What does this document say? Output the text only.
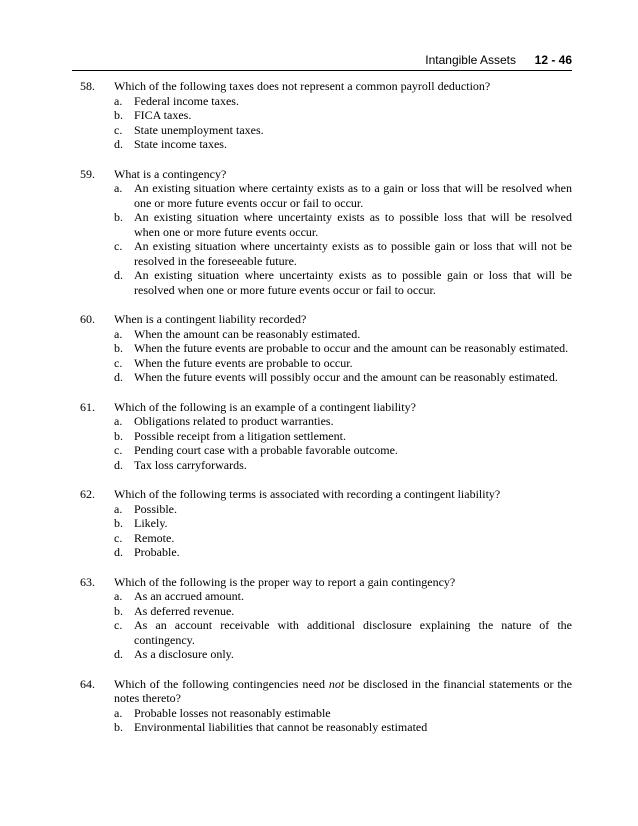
Intangible Assets 12 - 46
58. Which of the following taxes does not represent a common payroll deduction?
a. Federal income taxes.
b. FICA taxes.
c. State unemployment taxes.
d. State income taxes.
59. What is a contingency?
a. An existing situation where certainty exists as to a gain or loss that will be resolved when one or more future events occur or fail to occur.
b. An existing situation where uncertainty exists as to possible loss that will be resolved when one or more future events occur.
c. An existing situation where uncertainty exists as to possible gain or loss that will not be resolved in the foreseeable future.
d. An existing situation where uncertainty exists as to possible gain or loss that will be resolved when one or more future events occur or fail to occur.
60. When is a contingent liability recorded?
a. When the amount can be reasonably estimated.
b. When the future events are probable to occur and the amount can be reasonably estimated.
c. When the future events are probable to occur.
d. When the future events will possibly occur and the amount can be reasonably estimated.
61. Which of the following is an example of a contingent liability?
a. Obligations related to product warranties.
b. Possible receipt from a litigation settlement.
c. Pending court case with a probable favorable outcome.
d. Tax loss carryforwards.
62. Which of the following terms is associated with recording a contingent liability?
a. Possible.
b. Likely.
c. Remote.
d. Probable.
63. Which of the following is the proper way to report a gain contingency?
a. As an accrued amount.
b. As deferred revenue.
c. As an account receivable with additional disclosure explaining the nature of the contingency.
d. As a disclosure only.
64. Which of the following contingencies need not be disclosed in the financial statements or the notes thereto?
a. Probable losses not reasonably estimable
b. Environmental liabilities that cannot be reasonably estimated
